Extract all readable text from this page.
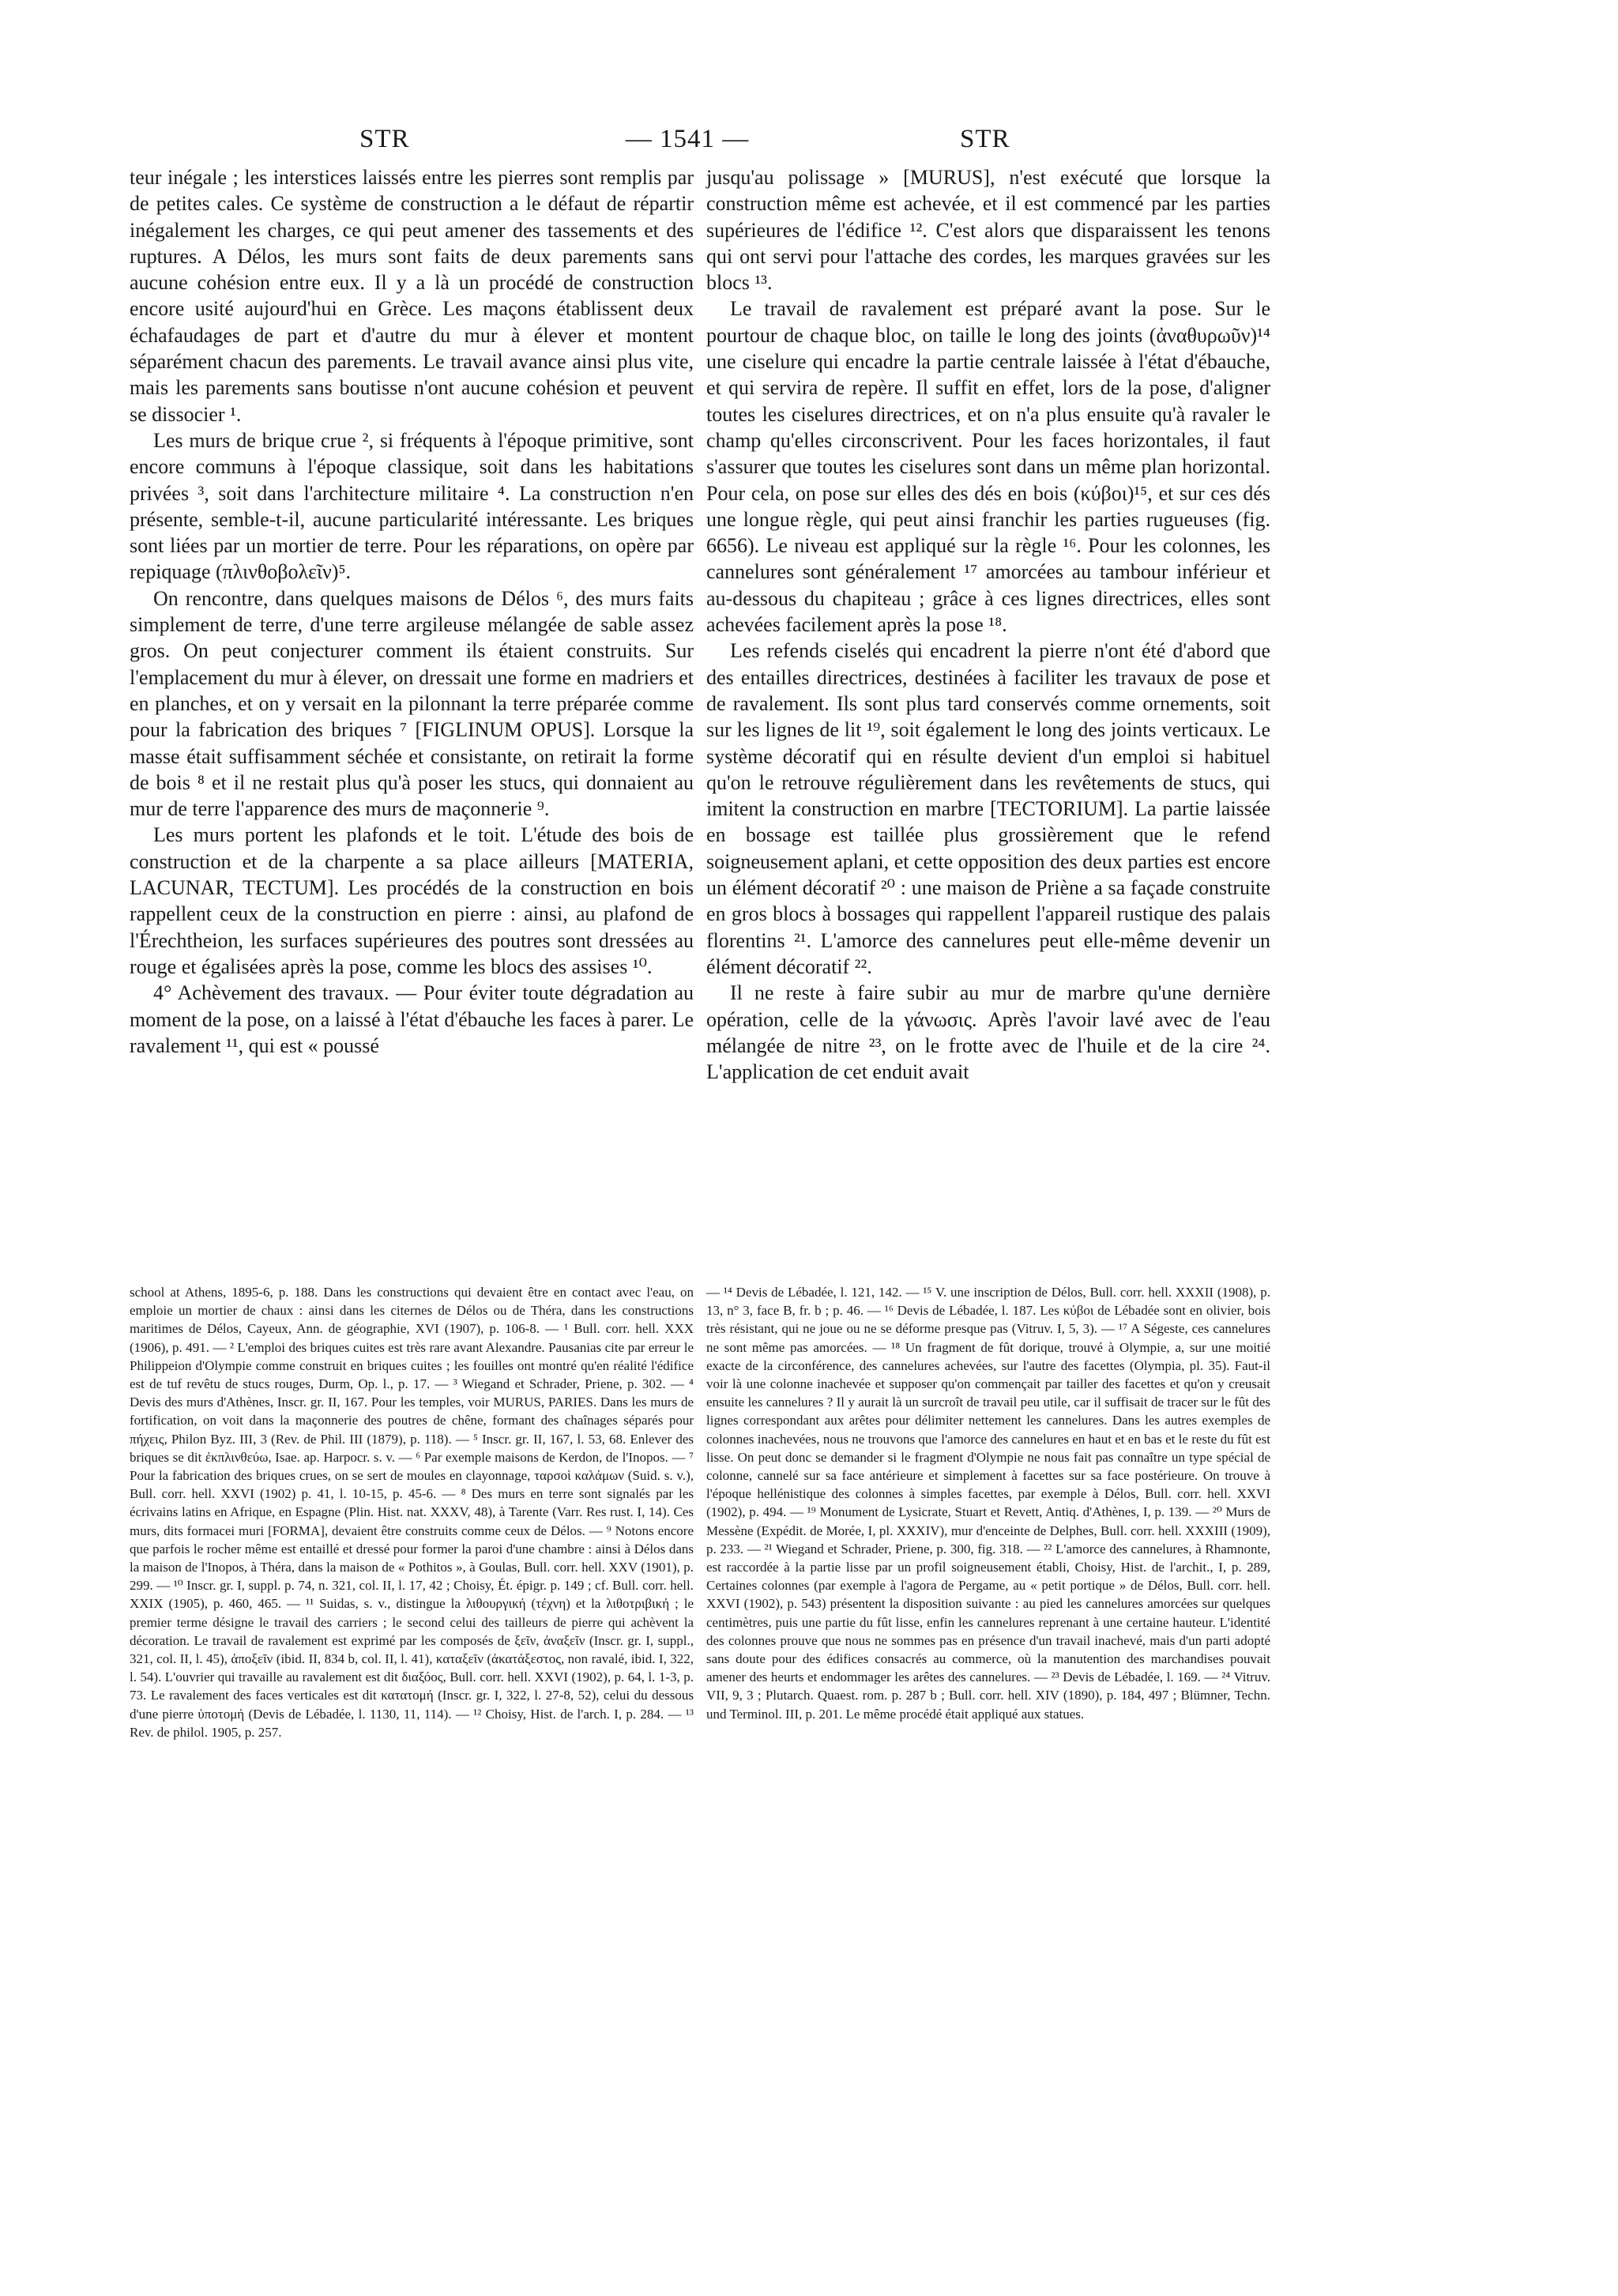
STR	— 1541 —	STR

teur inégale ; les interstices laissés entre les pierres sont remplis par de petites cales. Ce système de construction a le défaut de répartir inégalement les charges, ce qui peut amener des tassements et des ruptures. A Délos, les murs sont faits de deux parements sans aucune cohésion entre eux. Il y a là un procédé de construction encore usité aujourd'hui en Grèce. Les maçons établissent deux échafaudages de part et d'autre du mur à élever et montent séparément chacun des parements. Le travail avance ainsi plus vite, mais les parements sans boutisse n'ont aucune cohésion et peuvent se dissocier ¹.

Les murs de brique crue ², si fréquents à l'époque primitive, sont encore communs à l'époque classique, soit dans les habitations privées ³, soit dans l'architecture militaire ⁴. La construction n'en présente, semble-t-il, aucune particularité intéressante. Les briques sont liées par un mortier de terre. Pour les réparations, on opère par repiquage (πλινθοβολεῖν)⁵.

On rencontre, dans quelques maisons de Délos ⁶, des murs faits simplement de terre, d'une terre argileuse mélangée de sable assez gros. On peut conjecturer comment ils étaient construits. Sur l'emplacement du mur à élever, on dressait une forme en madriers et en planches, et on y versait en la pilonnant la terre préparée comme pour la fabrication des briques ⁷ [FIGLINUM OPUS]. Lorsque la masse était suffisamment séchée et consistante, on retirait la forme de bois ⁸ et il ne restait plus qu'à poser les stucs, qui donnaient au mur de terre l'apparence des murs de maçonnerie ⁹.

Les murs portent les plafonds et le toit. L'étude des bois de construction et de la charpente a sa place ailleurs [MATERIA, LACUNAR, TECTUM]. Les procédés de la construction en bois rappellent ceux de la construction en pierre : ainsi, au plafond de l'Érechtheion, les surfaces supérieures des poutres sont dressées au rouge et égalisées après la pose, comme les blocs des assises ¹⁰.

4° Achèvement des travaux. — Pour éviter toute dégradation au moment de la pose, on a laissé à l'état d'ébauche les faces à parer. Le ravalement ¹¹, qui est « poussé

jusqu'au polissage » [MURUS], n'est exécuté que lorsque la construction même est achevée, et il est commencé par les parties supérieures de l'édifice ¹². C'est alors que disparaissent les tenons qui ont servi pour l'attache des cordes, les marques gravées sur les blocs ¹³.

Le travail de ravalement est préparé avant la pose. Sur le pourtour de chaque bloc, on taille le long des joints (ἀναθυρωῦν)¹⁴ une ciselure qui encadre la partie centrale laissée à l'état d'ébauche, et qui servira de repère. Il suffit en effet, lors de la pose, d'aligner toutes les ciselures directrices, et on n'a plus ensuite qu'à ravaler le champ qu'elles circonscrivent. Pour les faces horizontales, il faut s'assurer que toutes les ciselures sont dans un même plan horizontal. Pour cela, on pose sur elles des dés en bois (κύβοι)¹⁵, et sur ces dés une longue règle, qui peut ainsi franchir les parties rugueuses (fig. 6656). Le niveau est appliqué sur la règle ¹⁶. Pour les colonnes, les cannelures sont généralement ¹⁷ amorcées au tambour inférieur et au-dessous du chapiteau ; grâce à ces lignes directrices, elles sont achevées facilement après la pose ¹⁸.

Les refends ciselés qui encadrent la pierre n'ont été d'abord que des entailles directrices, destinées à faciliter les travaux de pose et de ravalement. Ils sont plus tard conservés comme ornements, soit sur les lignes de lit ¹⁹, soit également le long des joints verticaux. Le système décoratif qui en résulte devient d'un emploi si habituel qu'on le retrouve régulièrement dans les revêtements de stucs, qui imitent la construction en marbre [TECTORIUM]. La partie laissée en bossage est taillée plus grossièrement que le refend soigneusement aplani, et cette opposition des deux parties est encore un élément décoratif ²⁰ : une maison de Priène a sa façade construite en gros blocs à bossages qui rappellent l'appareil rustique des palais florentins ²¹. L'amorce des cannelures peut elle-même devenir un élément décoratif ²².

Il ne reste à faire subir au mur de marbre qu'une dernière opération, celle de la γάνωσις. Après l'avoir lavé avec de l'eau mélangée de nitre ²³, on le frotte avec de l'huile et de la cire ²⁴. L'application de cet enduit avait

school at Athens, 1895-6, p. 188. Dans les constructions qui devaient être en contact avec l'eau, on emploie un mortier de chaux : ainsi dans les citernes de Délos ou de Théra, dans les constructions maritimes de Délos, Cayeux, Ann. de géographie, XVI (1907), p. 106-8. — ¹ Bull. corr. hell. XXX (1906), p. 491. — ² L'emploi des briques cuites est très rare avant Alexandre. Pausanias cite par erreur le Philippeion d'Olympie comme construit en briques cuites ; les fouilles ont montré qu'en réalité l'édifice est de tuf revêtu de stucs rouges, Durm, Op. l., p. 17. — ³ Wiegand et Schrader, Priene, p. 302. — ⁴ Devis des murs d'Athènes, Inscr. gr. II, 167. Pour les temples, voir MURUS, PARIES. Dans les murs de fortification, on voit dans la maçonnerie des poutres de chêne, formant des chaînages séparés pour πήχεις, Philon Byz. III, 3 (Rev. de Phil. III (1879), p. 118). — ⁵ Inscr. gr. II, 167, l. 53, 68. Enlever des briques se dit ἐκπλινθεύω, Isae. ap. Harpocr. s. v. — ⁶ Par exemple maisons de Kerdon, de l'Inopos. — ⁷ Pour la fabrication des briques crues, on se sert de moules en clayonnage, ταρσοὶ καλάμων (Suid. s. v.), Bull. corr. hell. XXVI (1902) p. 41, l. 10-15, p. 45-6. — ⁸ Des murs en terre sont signalés par les écrivains latins en Afrique, en Espagne (Plin. Hist. nat. XXXV, 48), à Tarente (Varr. Res rust. I, 14). Ces murs, dits formacei muri [FORMA], devaient être construits comme ceux de Délos. — ⁹ Notons encore que parfois le rocher même est entaillé et dressé pour former la paroi d'une chambre : ainsi à Délos dans la maison de l'Inopos, à Théra, dans la maison de « Pothitos », à Goulas, Bull. corr. hell. XXV (1901), p. 299. — ¹⁰ Inscr. gr. I, suppl. p. 74, n. 321, col. II, l. 17, 42 ; Choisy, Ét. épigr. p. 149 ; cf. Bull. corr. hell. XXIX (1905), p. 460, 465. — ¹¹ Suidas, s. v., distingue la λιθουργική (τέχνη) et la λιθοτριβική ; le premier terme désigne le travail des carriers ; le second celui des tailleurs de pierre qui achèvent la décoration. Le travail de ravalement est exprimé par les composés de ξεῖν, ἀναξεῖν (Inscr. gr. I, suppl., 321, col. II, l. 45), ἀποξεῖν (ibid. II, 834 b, col. II, l. 41), καταξεῖν (ἀκατάξεστος, non ravalé, ibid. I, 322, l. 54). L'ouvrier qui travaille au ravalement est dit διαξόος, Bull. corr. hell. XXVI (1902), p. 64, l. 1-3, p. 73. Le ravalement des faces verticales est dit κατατομή (Inscr. gr. I, 322, l. 27-8, 52), celui du dessous d'une pierre ὑποτομή (Devis de Lébadée, l. 1130, 11, 114). — ¹² Choisy, Hist. de l'arch. I, p. 284. — ¹³ Rev. de philol. 1905, p. 257.

— ¹⁴ Devis de Lébadée, l. 121, 142. — ¹⁵ V. une inscription de Délos, Bull. corr. hell. XXXII (1908), p. 13, n° 3, face B, fr. b ; p. 46. — ¹⁶ Devis de Lébadée, l. 187. Les κύβοι de Lébadée sont en olivier, bois très résistant, qui ne joue ou ne se déforme presque pas (Vitruv. I, 5, 3). — ¹⁷ A Ségeste, ces cannelures ne sont même pas amorcées. — ¹⁸ Un fragment de fût dorique, trouvé à Olympie, a, sur une moitié exacte de la circonférence, des cannelures achevées, sur l'autre des facettes (Olympia, pl. 35). Faut-il voir là une colonne inachevée et supposer qu'on commençait par tailler des facettes et qu'on y creusait ensuite les cannelures ? Il y aurait là un surcroît de travail peu utile, car il suffisait de tracer sur le fût des lignes correspondant aux arêtes pour délimiter nettement les cannelures. Dans les autres exemples de colonnes inachevées, nous ne trouvons que l'amorce des cannelures en haut et en bas et le reste du fût est lisse. On peut donc se demander si le fragment d'Olympie ne nous fait pas connaître un type spécial de colonne, cannelé sur sa face antérieure et simplement à facettes sur sa face postérieure. On trouve à l'époque hellénistique des colonnes à simples facettes, par exemple à Délos, Bull. corr. hell. XXVI (1902), p. 494. — ¹⁹ Monument de Lysicrate, Stuart et Revett, Antiq. d'Athènes, I, p. 139. — ²⁰ Murs de Messène (Expédit. de Morée, I, pl. XXXIV), mur d'enceinte de Delphes, Bull. corr. hell. XXXIII (1909), p. 233. — ²¹ Wiegand et Schrader, Priene, p. 300, fig. 318. — ²² L'amorce des cannelures, à Rhamnonte, est raccordée à la partie lisse par un profil soigneusement établi, Choisy, Hist. de l'archit., I, p. 289, Certaines colonnes (par exemple à l'agora de Pergame, au « petit portique » de Délos, Bull. corr. hell. XXVI (1902), p. 543) présentent la disposition suivante : au pied les cannelures amorcées sur quelques centimètres, puis une partie du fût lisse, enfin les cannelures reprenant à une certaine hauteur. L'identité des colonnes prouve que nous ne sommes pas en présence d'un travail inachevé, mais d'un parti adopté sans doute pour des édifices consacrés au commerce, où la manutention des marchandises pouvait amener des heurts et endommager les arêtes des cannelures. — ²³ Devis de Lébadée, l. 169. — ²⁴ Vitruv. VII, 9, 3 ; Plutarch. Quaest. rom. p. 287 b ; Bull. corr. hell. XIV (1890), p. 184, 497 ; Blümner, Techn. und Terminol. III, p. 201. Le même procédé était appliqué aux statues.
